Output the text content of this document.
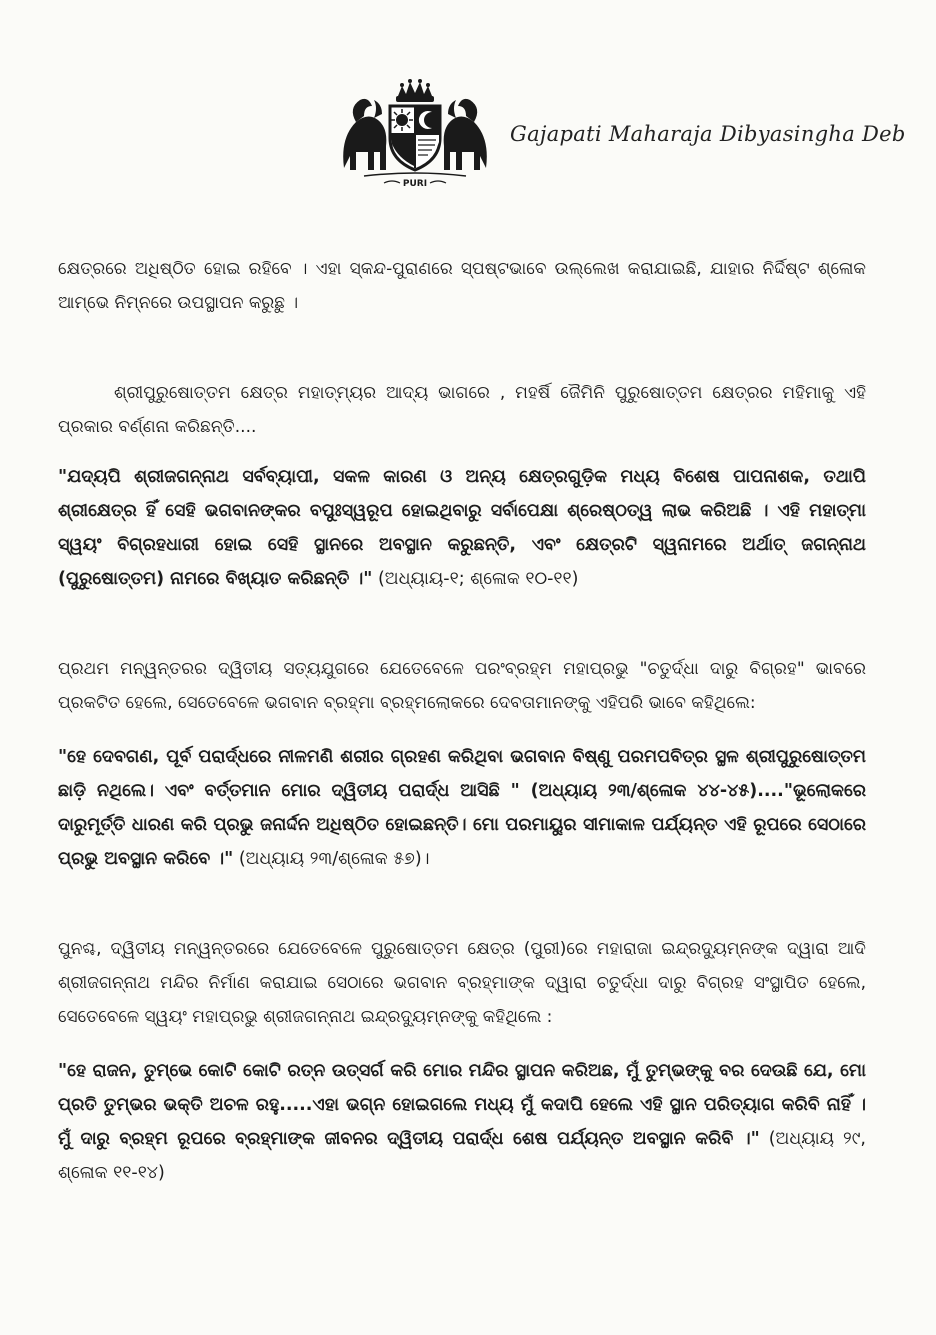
PURI
Gajapati Maharaja Dibyasingha Deb

କ୍ଷେତ୍ରରେ ଅଧିଷ୍ଠିତ ହୋଇ ରହିବେ । ଏହା ସ୍କନ୍ଦ-ପୁରାଣରେ ସ୍ପଷ୍ଟଭାବେ ଉଲ୍ଲେଖ କରାଯାଇଛି, ଯାହାର ନିର୍ଦ୍ଦିଷ୍ଟ ଶ୍ଳୋକ ଆମ୍ଭେ ନିମ୍ନରେ ଉପସ୍ଥାପନ କରୁଛୁ ।

ଶ୍ରୀପୁରୁଷୋତ୍ତମ କ୍ଷେତ୍ର ମହାତ୍ମ୍ୟର ଆଦ୍ୟ ଭାଗରେ , ମହର୍ଷି ଜୈମିନି ପୁରୁଷୋତ୍ତମ କ୍ଷେତ୍ରର ମହିମାକୁ ଏହି ପ୍ରକାର ବର୍ଣ୍ଣନା କରିଛନ୍ତି....

"ଯଦ୍ୟପି ଶ୍ରୀଜଗନ୍ନାଥ ସର୍ବବ୍ୟାପୀ, ସକଳ କାରଣ ଓ ଅନ୍ୟ କ୍ଷେତ୍ରଗୁଡ଼ିକ ମଧ୍ୟ ବିଶେଷ ପାପନାଶକ, ତଥାପି ଶ୍ରୀକ୍ଷେତ୍ର ହିଁ ସେହି ଭଗବାନଙ୍କର ବପୁଃସ୍ୱରୂପ ହୋଇଥିବାରୁ ସର୍ବାପେକ୍ଷା ଶ୍ରେଷ୍ଠତ୍ୱ ଲାଭ କରିଅଛି । ଏହି ମହାତ୍ମା ସ୍ୱୟଂ ବିଗ୍ରହଧାରୀ ହୋଇ ସେହି ସ୍ଥାନରେ ଅବସ୍ଥାନ କରୁଛନ୍ତି, ଏବଂ କ୍ଷେତ୍ରଟି ସ୍ୱନାମରେ ଅର୍ଥାତ୍ ଜଗନ୍ନାଥ (ପୁରୁଷୋତ୍ତମ) ନାମରେ ବିଖ୍ୟାତ କରିଛନ୍ତି ।" (ଅଧ୍ୟାୟ-୧; ଶ୍ଳୋକ ୧୦-୧୧)

ପ୍ରଥମ ମନ୍ୱନ୍ତରର ଦ୍ୱିତୀୟ ସତ୍ୟଯୁଗରେ ଯେତେବେଳେ ପରଂବ୍ରହ୍ମ ମହାପ୍ରଭୁ "ଚତୁର୍ଦ୍ଧା ଦାରୁ ବିଗ୍ରହ" ଭାବରେ ପ୍ରକଟିତ ହେଲେ, ସେତେବେଳେ ଭଗବାନ ବ୍ରହ୍ମା ବ୍ରହ୍ମଲୋକରେ ଦେବତାମାନଙ୍କୁ ଏହିପରି ଭାବେ କହିଥିଲେ:

"ହେ ଦେବଗଣ, ପୂର୍ବ ପରାର୍ଦ୍ଧରେ ନୀଳମଣି ଶରୀର ଗ୍ରହଣ କରିଥିବା ଭଗବାନ ବିଷ୍ଣୁ ପରମପବିତ୍ର ସ୍ଥଳ ଶ୍ରୀପୁରୁଷୋତ୍ତମ ଛାଡ଼ି ନଥିଲେ। ଏବଂ ବର୍ତ୍ତମାନ ମୋର ଦ୍ୱିତୀୟ ପରାର୍ଦ୍ଧ ଆସିଛି " (ଅଧ୍ୟାୟ ୨୩/ଶ୍ଳୋକ ୪୪-୪୫)...."ଭୂଲୋକରେ ଦାରୁମୂର୍ତ୍ତି ଧାରଣ କରି ପ୍ରଭୁ ଜନାର୍ଦ୍ଦନ ଅଧିଷ୍ଠିତ ହୋଇଛନ୍ତି। ମୋ ପରମାୟୁର ସୀମାକାଳ ପର୍ଯ୍ୟନ୍ତ ଏହି ରୂପରେ ସେଠାରେ ପ୍ରଭୁ ଅବସ୍ଥାନ କରିବେ ।" (ଅଧ୍ୟାୟ ୨୩/ଶ୍ଳୋକ ୫୭)।

ପୁନଶ୍ଚ, ଦ୍ୱିତୀୟ ମନ୍ୱନ୍ତରରେ ଯେତେବେଳେ ପୁରୁଷୋତ୍ତମ କ୍ଷେତ୍ର (ପୁରୀ)ରେ ମହାରାଜା ଇନ୍ଦ୍ରଦ୍ୟୁମ୍ନଙ୍କ ଦ୍ୱାରା ଆଦି ଶ୍ରୀଜଗନ୍ନାଥ ମନ୍ଦିର ନିର୍ମାଣ କରାଯାଇ ସେଠାରେ ଭଗବାନ ବ୍ରହ୍ମାଙ୍କ ଦ୍ୱାରା ଚତୁର୍ଦ୍ଧା ଦାରୁ ବିଗ୍ରହ ସଂସ୍ଥାପିତ ହେଲେ, ସେତେବେଳେ ସ୍ୱୟଂ ମହାପ୍ରଭୁ ଶ୍ରୀଜଗନ୍ନାଥ ଇନ୍ଦ୍ରଦ୍ୟୁମ୍ନଙ୍କୁ କହିଥିଲେ :

"ହେ ରାଜନ, ତୁମ୍ଭେ କୋଟି କୋଟି ରତ୍ନ ଉତ୍ସର୍ଗ କରି ମୋର ମନ୍ଦିର ସ୍ଥାପନ କରିଅଛ, ମୁଁ ତୁମ୍ଭଙ୍କୁ ବର ଦେଉଛି ଯେ, ମୋ ପ୍ରତି ତୁମ୍ଭର ଭକ୍ତି ଅଚଳ ରହୁ.....ଏହା ଭଗ୍ନ ହୋଇଗଲେ ମଧ୍ୟ ମୁଁ କଦାପି ହେଲେ ଏହି ସ୍ଥାନ ପରିତ୍ୟାଗ କରିବି ନାହିଁ । ମୁଁ ଦାରୁ ବ୍ରହ୍ମ ରୂପରେ ବ୍ରହ୍ମାଙ୍କ ଜୀବନର ଦ୍ୱିତୀୟ ପରାର୍ଦ୍ଧ ଶେଷ ପର୍ଯ୍ୟନ୍ତ ଅବସ୍ଥାନ କରିବି ।" (ଅଧ୍ୟାୟ ୨୯, ଶ୍ଳୋକ ୧୧-୧୪)
